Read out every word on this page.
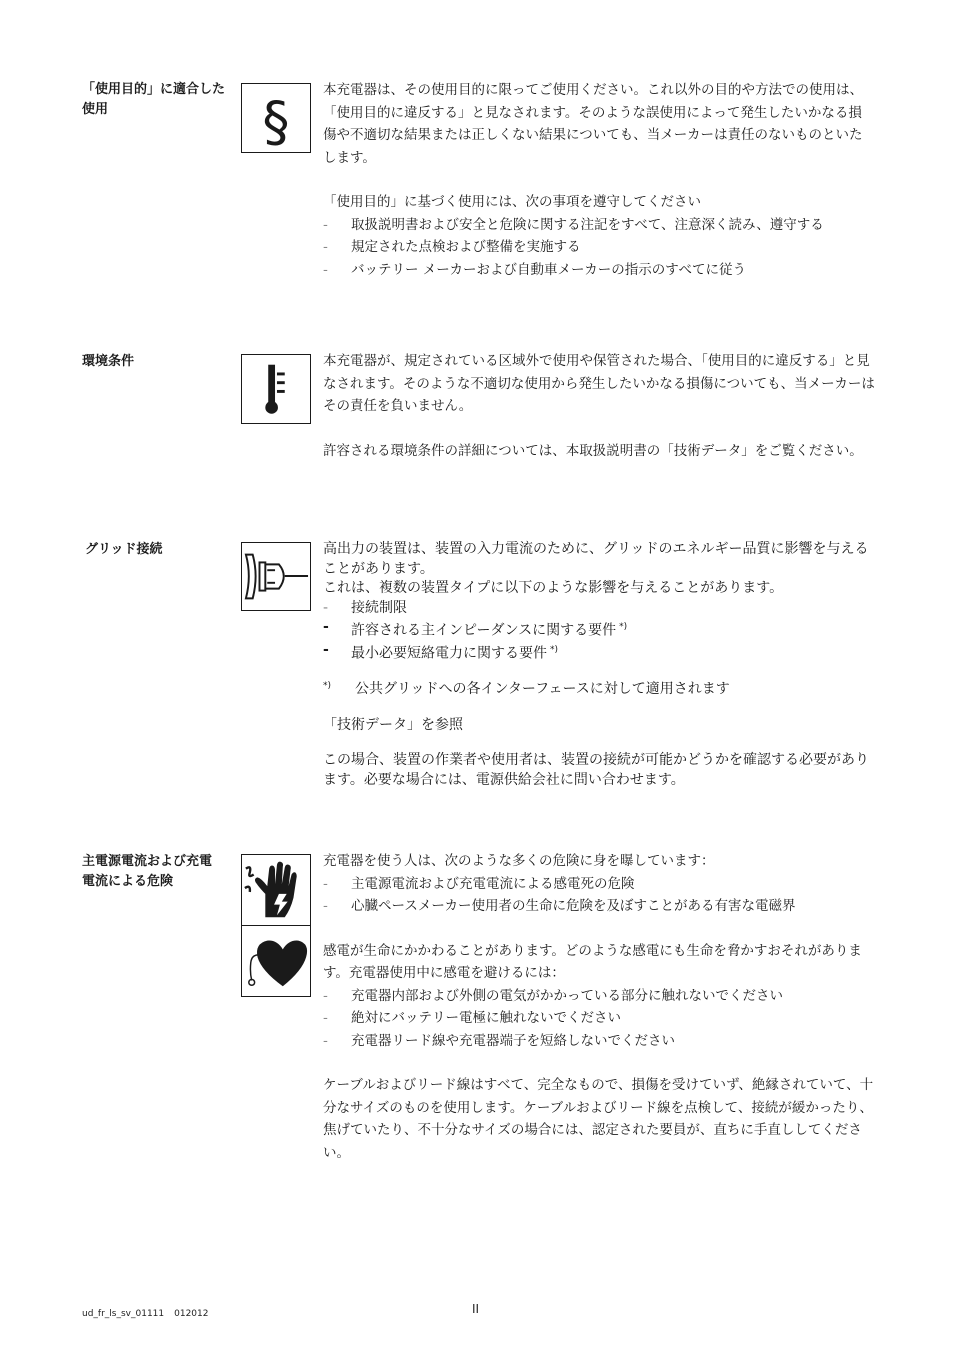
「使用目的」に適合した使用	§

本充電器は、その使用目的に限ってご使用ください。これ以外の目的や方法での使用は、「使用目的に違反する」と見なされます。そのような誤使用によって発生したいかなる損傷や不適切な結果または正しくない結果についても、当メーカーは責任のないものといたします。

「使用目的」に基づく使用には、次の事項を遵守してください

- 取扱説明書および安全と危険に関する注記をすべて、注意深く読み、遵守する
- 規定された点検および整備を実施する
- バッテリー メーカーおよび自動車メーカーの指示のすべてに従う
環境条件	本充電器が、規定されている区域外で使用や保管された場合、「使用目的に違反する」と見なされます。そのような不適切な使用から発生したいかなる損傷についても、当メーカーはその責任を負いません。

許容される環境条件の詳細については、本取扱説明書の「技術データ」をご覧ください。

グリッド接続	高出力の装置は、装置の入力電流のために、グリッドのエネルギー品質に影響を与えることがあります。

これは、複数の装置タイプに以下のような影響を与えることがあります。

- 接続制限
- 許容される主インピーダンスに関する要件 *)
- 最小必要短絡電力に関する要件 *)
*) 公共グリッドへの各インターフェースに対して適用されます

「技術データ」を参照

この場合、装置の作業者や使用者は、装置の接続が可能かどうかを確認する必要があります。必要な場合には、電源供給会社に問い合わせます。

主電源電流および充電電流による危険

充電器を使う人は、次のような多くの危険に身を曝しています：

- 主電源電流および充電電流による感電死の危険
- 心臓ペースメーカー使用者の生命に危険を及ぼすことがある有害な電磁界

感電が生命にかかわることがあります。どのような感電にも生命を脅かすおそれがあります。充電器使用中に感電を避けるには：

- 充電器内部および外側の電気がかかっている部分に触れないでください
- 絶対にバッテリー電極に触れないでください
- 充電器リード線や充電器端子を短絡しないでください

ケーブルおよびリード線はすべて、完全なもので、損傷を受けていず、絶縁されていて、十分なサイズのものを使用します。ケーブルおよびリード線を点検して、接続が緩かったり、焦げていたり、不十分なサイズの場合には、認定された要員が、直ちに手直ししてください。

ud_fr_ls_sv_01111 012012	II
